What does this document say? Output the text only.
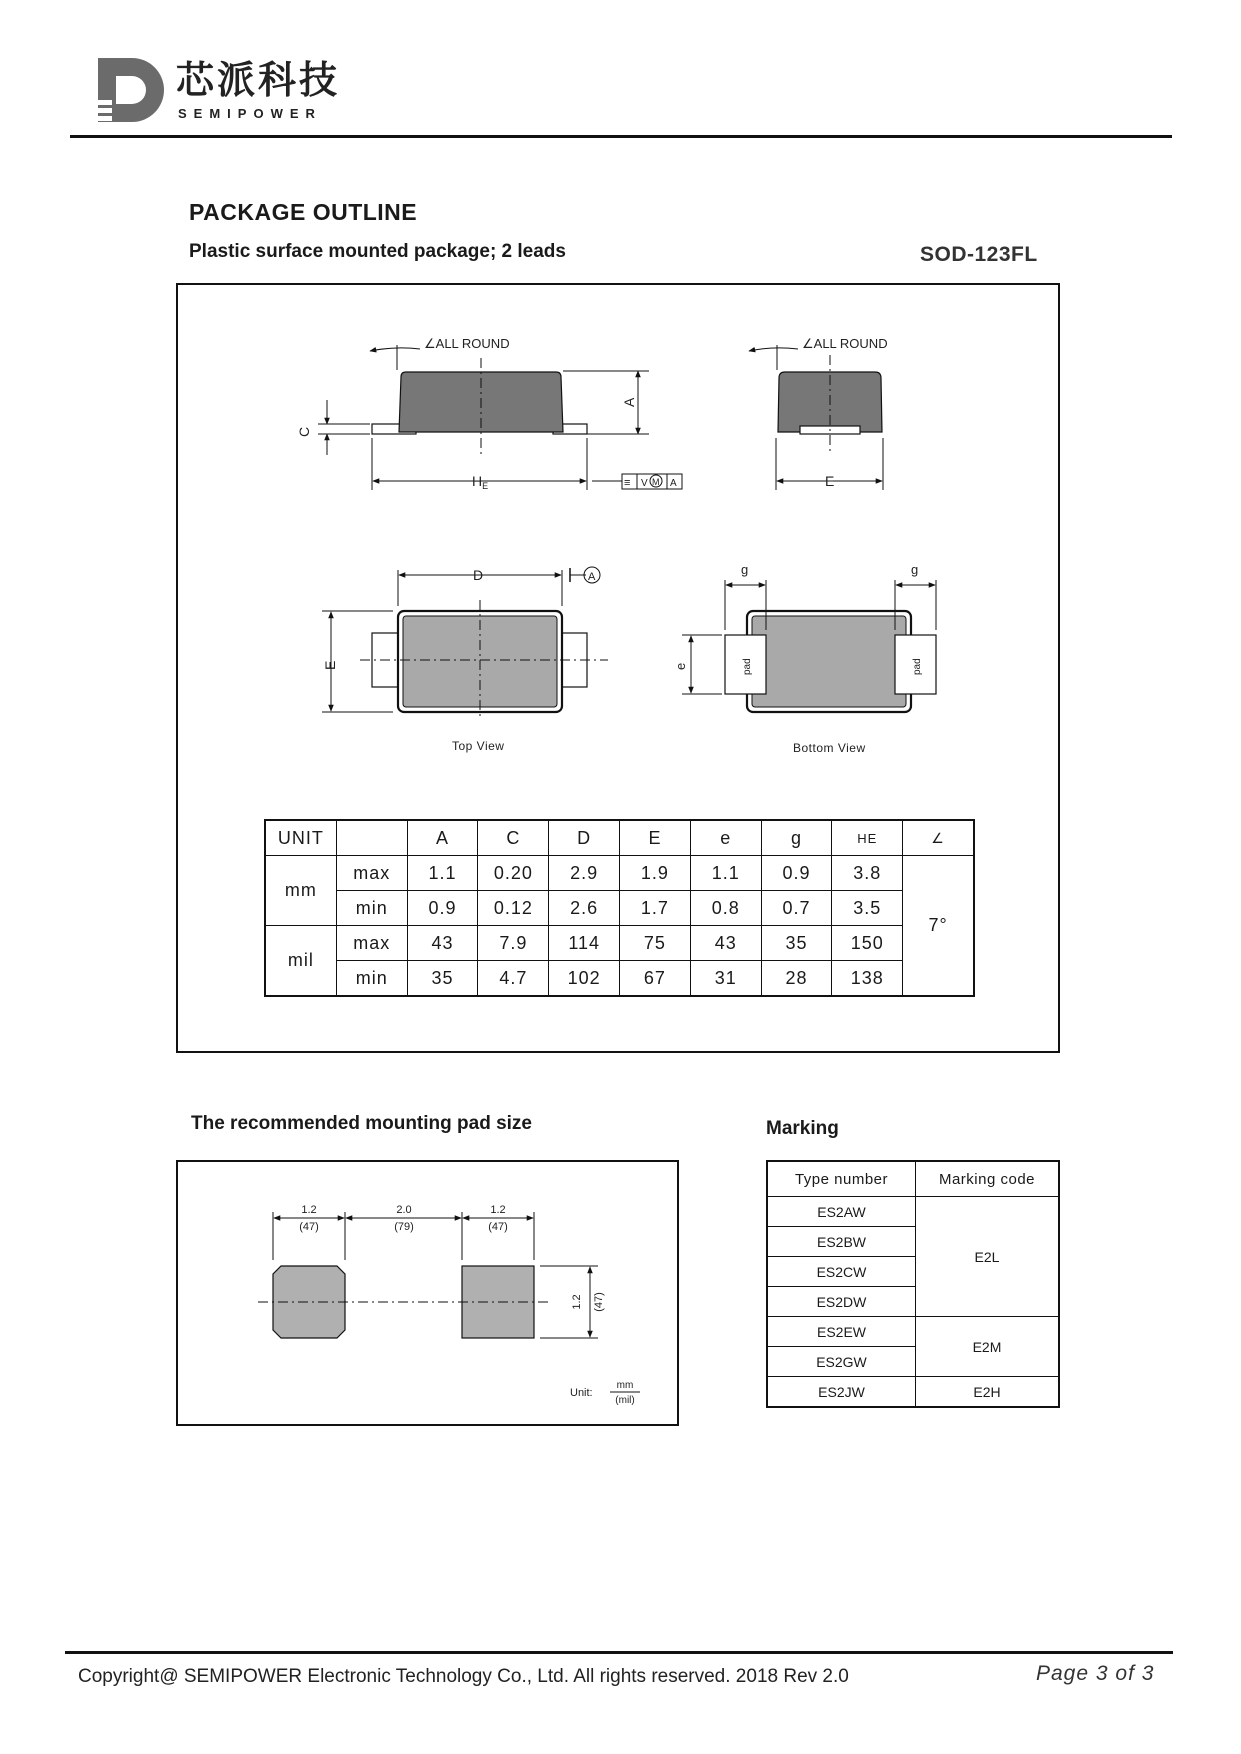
芯派科技
SEMIPOWER
PACKAGE OUTLINE
Plastic surface mounted package; 2 leads	SOD-123FL
∠ALL ROUND
A
C
$H_E$	≡ V M A
∠ALL ROUND
E
D	A
E
Top View
g	g
e	pad	pad
Bottom View
UNIT		A	C	D	E	e	g	HE	∠
mm	max	1.1	0.20	2.9	1.9	1.1	0.9	3.8	7°
	min	0.9	0.12	2.6	1.7	0.8	0.7	3.5	
mil	max	43	7.9	114	75	43	35	150	
	min	35	4.7	102	67	31	28	138	
The recommended mounting pad size
1.2
(47)
2.0
(79)
1.2
(47)
1.2 (47)
mm
(mil)
Unit:
Marking
Type number	Marking code
ES2AW	E2L
ES2BW	
ES2CW	
ES2DW	
ES2EW	E2M
ES2GW	
ES2JW	E2H
Copyright@ SEMIPOWER Electronic Technology Co., Ltd. All rights reserved. 2018 Rev 2.0	Page 3 of 3
